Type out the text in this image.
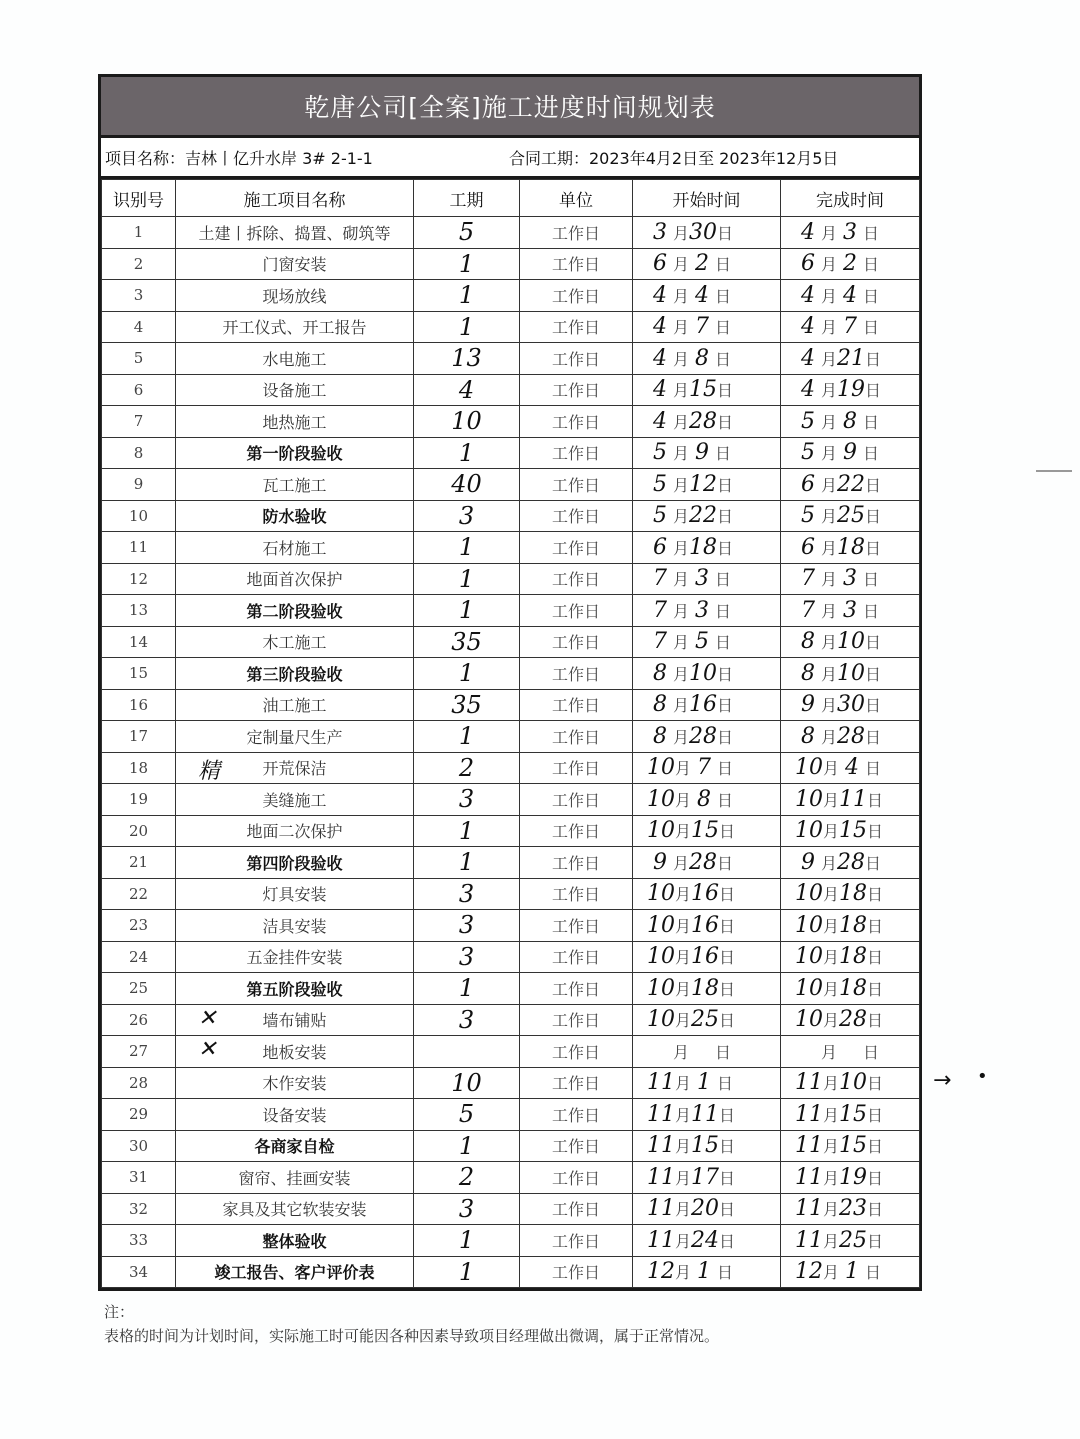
乾唐公司[全案]施工进度时间规划表
项目名称：吉林丨亿升水岸 3# 2-1-1	合同工期：2023年4月2日至 2023年12月5日
识别号	施工项目名称	工期	单位	开始时间	完成时间
1	土建丨拆除、捣置、砌筑等	5	工作日	3 月30日	4 月 3 日
2	门窗安装	1	工作日	6 月 2 日	6 月 2 日
3	现场放线	1	工作日	4 月 4 日	4 月 4 日
4	开工仪式、开工报告	1	工作日	4 月 7 日	4 月 7 日
5	水电施工	13	工作日	4 月 8 日	4 月21日
6	设备施工	4	工作日	4 月15日	4 月19日
7	地热施工	10	工作日	4 月28日	5 月 8 日
8	第一阶段验收	1	工作日	5 月 9 日	5 月 9 日
9	瓦工施工	40	工作日	5 月12日	6 月22日
10	防水验收	3	工作日	5 月22日	5 月25日
11	石材施工	1	工作日	6 月18日	6 月18日
12	地面首次保护	1	工作日	7 月 3 日	7 月 3 日
13	第二阶段验收	1	工作日	7 月 3 日	7 月 3 日
14	木工施工	35	工作日	7 月 5 日	8 月10日
15	第三阶段验收	1	工作日	8 月10日	8 月10日
16	油工施工	35	工作日	8 月16日	9 月30日
17	定制量尺生产	1	工作日	8 月28日	8 月28日
18	精 开荒保洁	2	工作日	10月 7 日	10月 4 日
19	美缝施工	3	工作日	10月 8 日	10月11日
20	地面二次保护	1	工作日	10月15日	10月15日
21	第四阶段验收	1	工作日	9 月28日	9 月28日
22	灯具安装	3	工作日	10月16日	10月18日
23	洁具安装	3	工作日	10月16日	10月18日
24	五金挂件安装	3	工作日	10月16日	10月18日
25	第五阶段验收	1	工作日	10月18日	10月18日
26	✕ 墙布铺贴	3	工作日	10月25日	10月28日
27	✕ 地板安装		工作日	月 日	月 日
28	木作安装	10	工作日	11月 1 日	11月10日
29	设备安装	5	工作日	11月11日	11月15日
30	各商家自检	1	工作日	11月15日	11月15日
31	窗帘、挂画安装	2	工作日	11月17日	11月19日
32	家具及其它软装安装	3	工作日	11月20日	11月23日
33	整体验收	1	工作日	11月24日	11月25日
34	竣工报告、客户评价表	1	工作日	12月 1 日	12月 1 日
注：
表格的时间为计划时间，实际施工时可能因各种因素导致项目经理做出微调，属于正常情况。
→ •
